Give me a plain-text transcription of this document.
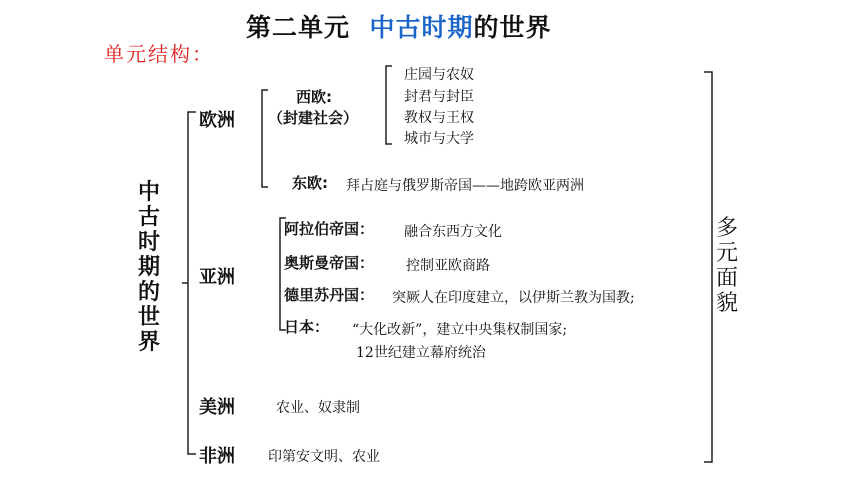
第二单元 中古时期的世界
单元结构：
中古时期的世界
多元面貌
欧洲
亚洲
美洲
非洲
西欧:
（封建社会）
庄园与农奴
封君与封臣
教权与王权
城市与大学
东欧: 拜占庭与俄罗斯帝国——地跨欧亚两洲
阿拉伯帝国： 融合东西方文化
奥斯曼帝国： 控制亚欧商路
德里苏丹国： 突厥人在印度建立，以伊斯兰教为国教;
日本： “大化改新”，建立中央集权制国家;
12世纪建立幕府统治
农业、奴隶制
印第安文明、农业
